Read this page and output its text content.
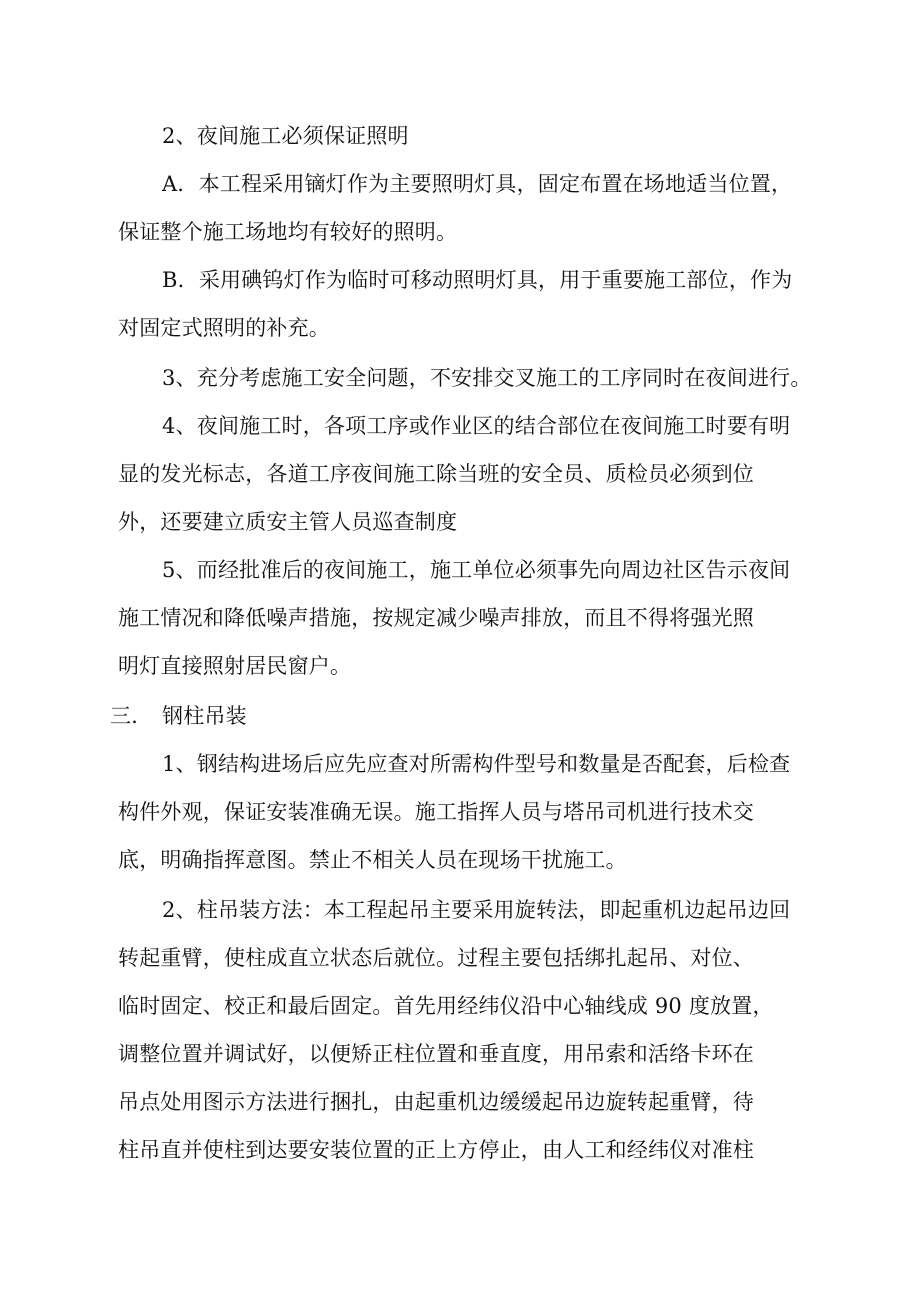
2、夜间施工必须保证照明
A．本工程采用镝灯作为主要照明灯具，固定布置在场地适当位置，
保证整个施工场地均有较好的照明。
B．采用碘钨灯作为临时可移动照明灯具，用于重要施工部位，作为
对固定式照明的补充。
3、充分考虑施工安全问题，不安排交叉施工的工序同时在夜间进行。
4、夜间施工时，各项工序或作业区的结合部位在夜间施工时要有明
显的发光标志，各道工序夜间施工除当班的安全员、质检员必须到位
外，还要建立质安主管人员巡查制度
5、而经批准后的夜间施工，施工单位必须事先向周边社区告示夜间
施工情况和降低噪声措施，按规定减少噪声排放，而且不得将强光照
明灯直接照射居民窗户。
三． 钢柱吊装
1、钢结构进场后应先应查对所需构件型号和数量是否配套，后检查
构件外观，保证安装准确无误。施工指挥人员与塔吊司机进行技术交
底，明确指挥意图。禁止不相关人员在现场干扰施工。
2、柱吊装方法：本工程起吊主要采用旋转法，即起重机边起吊边回
转起重臂，使柱成直立状态后就位。过程主要包括绑扎起吊、对位、
临时固定、校正和最后固定。首先用经纬仪沿中心轴线成 90 度放置，
调整位置并调试好，以便矫正柱位置和垂直度，用吊索和活络卡环在
吊点处用图示方法进行捆扎，由起重机边缓缓起吊边旋转起重臂，待
柱吊直并使柱到达要安装位置的正上方停止，由人工和经纬仪对准柱
